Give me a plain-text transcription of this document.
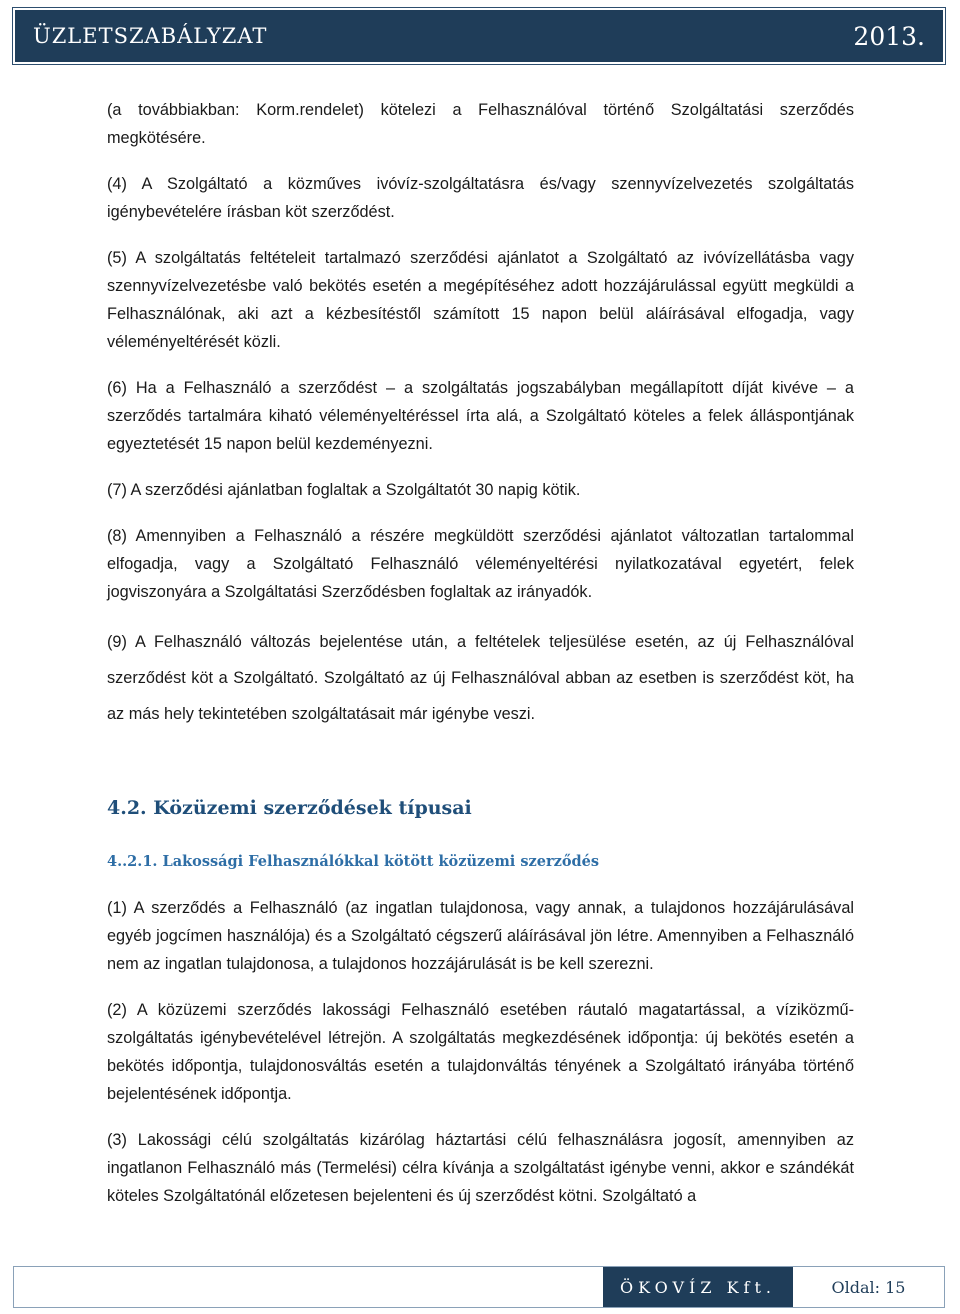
ÜZLETSZABÁLYZAT	2013.

(a továbbiakban: Korm.rendelet) kötelezi a Felhasználóval történő Szolgáltatási szerződés megkötésére.

(4) A Szolgáltató a közműves ivóvíz-szolgáltatásra és/vagy szennyvízelvezetés szolgáltatás igénybevételére írásban köt szerződést.

(5) A szolgáltatás feltételeit tartalmazó szerződési ajánlatot a Szolgáltató az ivóvízellátásba vagy szennyvízelvezetésbe való bekötés esetén a megépítéséhez adott hozzájárulással együtt megküldi a Felhasználónak, aki azt a kézbesítéstől számított 15 napon belül aláírásával elfogadja, vagy véleményeltérését közli.

(6) Ha a Felhasználó a szerződést – a szolgáltatás jogszabályban megállapított díját kivéve – a szerződés tartalmára kiható véleményeltéréssel írta alá, a Szolgáltató köteles a felek álláspontjának egyeztetését 15 napon belül kezdeményezni.

(7) A szerződési ajánlatban foglaltak a Szolgáltatót 30 napig kötik.

(8) Amennyiben a Felhasználó a részére megküldött szerződési ajánlatot változatlan tartalommal elfogadja, vagy a Szolgáltató Felhasználó véleményeltérési nyilatkozatával egyetért, felek jogviszonyára a Szolgáltatási Szerződésben foglaltak az irányadók.

(9) A Felhasználó változás bejelentése után, a feltételek teljesülése esetén, az új Felhasználóval szerződést köt a Szolgáltató. Szolgáltató az új Felhasználóval abban az esetben is szerződést köt, ha az más hely tekintetében szolgáltatásait már igénybe veszi.

4.2. Közüzemi szerződések típusai
4..2.1. Lakossági Felhasználókkal kötött közüzemi szerződés

(1) A szerződés a Felhasználó (az ingatlan tulajdonosa, vagy annak, a tulajdonos hozzájárulásával egyéb jogcímen használója) és a Szolgáltató cégszerű aláírásával jön létre. Amennyiben a Felhasználó nem az ingatlan tulajdonosa, a tulajdonos hozzájárulását is be kell szerezni.

(2) A közüzemi szerződés lakossági Felhasználó esetében ráutaló magatartással, a víziközmű-szolgáltatás igénybevételével létrejön. A szolgáltatás megkezdésének időpontja: új bekötés esetén a bekötés időpontja, tulajdonosváltás esetén a tulajdonváltás tényének a Szolgáltató irányába történő bejelentésének időpontja.

(3) Lakossági célú szolgáltatás kizárólag háztartási célú felhasználásra jogosít, amennyiben az ingatlanon Felhasználó más (Termelési) célra kívánja a szolgáltatást igénybe venni, akkor e szándékát köteles Szolgáltatónál előzetesen bejelenteni és új szerződést kötni. Szolgáltató a

ÖKOVÍZ Kft.	Oldal: 15
